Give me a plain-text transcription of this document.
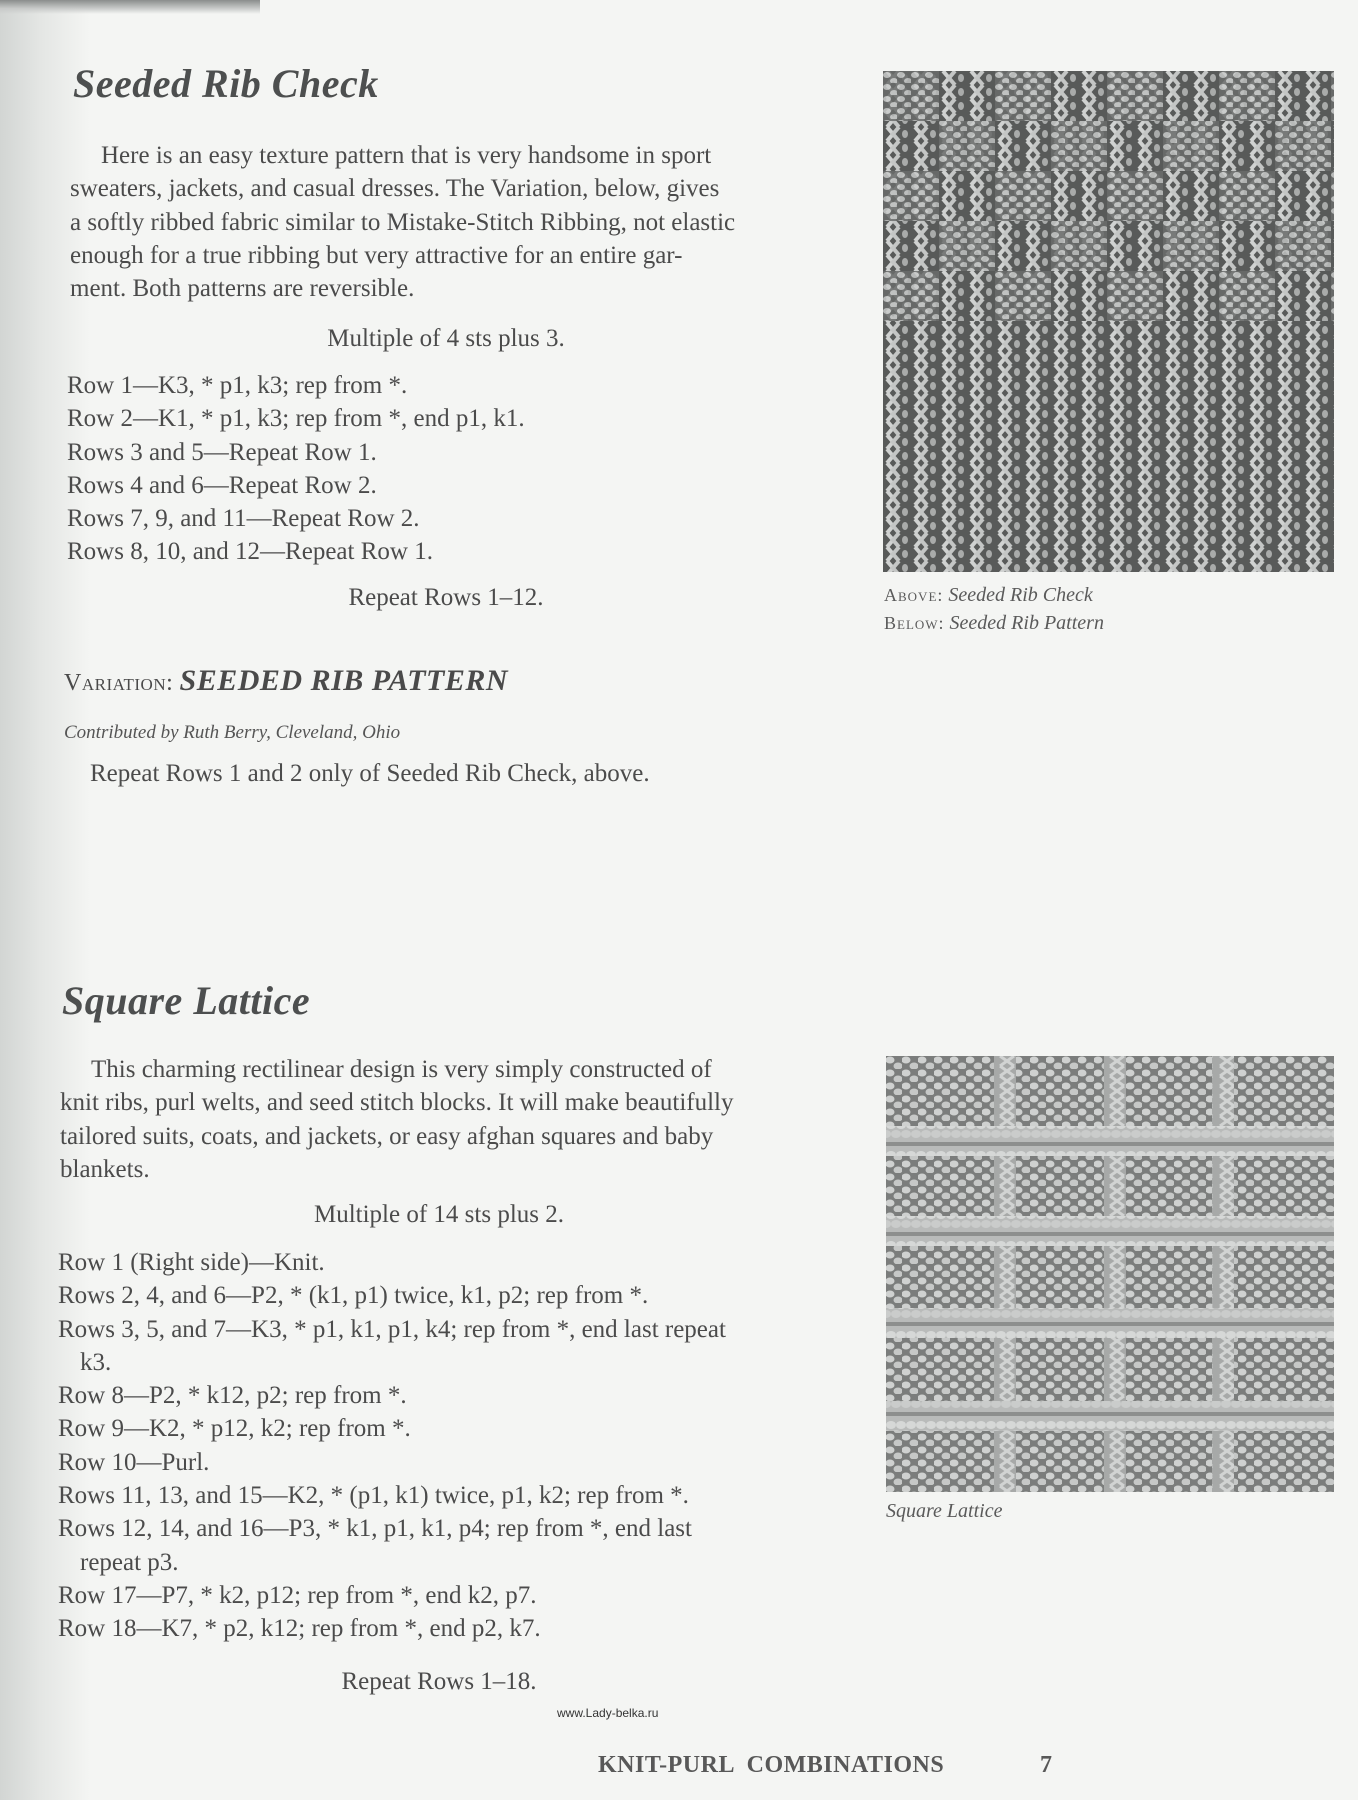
Seeded Rib Check
Here is an easy texture pattern that is very handsome in sport
sweaters, jackets, and casual dresses. The Variation, below, gives
a softly ribbed fabric similar to Mistake-Stitch Ribbing, not elastic
enough for a true ribbing but very attractive for an entire gar-
ment. Both patterns are reversible.
Multiple of 4 sts plus 3.
Row 1—K3, * p1, k3; rep from *.
Row 2—K1, * p1, k3; rep from *, end p1, k1.
Rows 3 and 5—Repeat Row 1.
Rows 4 and 6—Repeat Row 2.
Rows 7, 9, and 11—Repeat Row 2.
Rows 8, 10, and 12—Repeat Row 1.
Repeat Rows 1–12.
Variation: SEEDED RIB PATTERN
Contributed by Ruth Berry, Cleveland, Ohio
Repeat Rows 1 and 2 only of Seeded Rib Check, above.
Above: Seeded Rib Check
Below: Seeded Rib Pattern
Square Lattice
This charming rectilinear design is very simply constructed of
knit ribs, purl welts, and seed stitch blocks. It will make beautifully
tailored suits, coats, and jackets, or easy afghan squares and baby
blankets.
Multiple of 14 sts plus 2.
Row 1 (Right side)—Knit.
Rows 2, 4, and 6—P2, * (k1, p1) twice, k1, p2; rep from *.
Rows 3, 5, and 7—K3, * p1, k1, p1, k4; rep from *, end last repeat
k3.
Row 8—P2, * k12, p2; rep from *.
Row 9—K2, * p12, k2; rep from *.
Row 10—Purl.
Rows 11, 13, and 15—K2, * (p1, k1) twice, p1, k2; rep from *.
Rows 12, 14, and 16—P3, * k1, p1, k1, p4; rep from *, end last
repeat p3.
Row 17—P7, * k2, p12; rep from *, end k2, p7.
Row 18—K7, * p2, k12; rep from *, end p2, k7.
Repeat Rows 1–18.
Square Lattice
www.Lady-belka.ru
KNIT-PURL  COMBINATIONS	7
